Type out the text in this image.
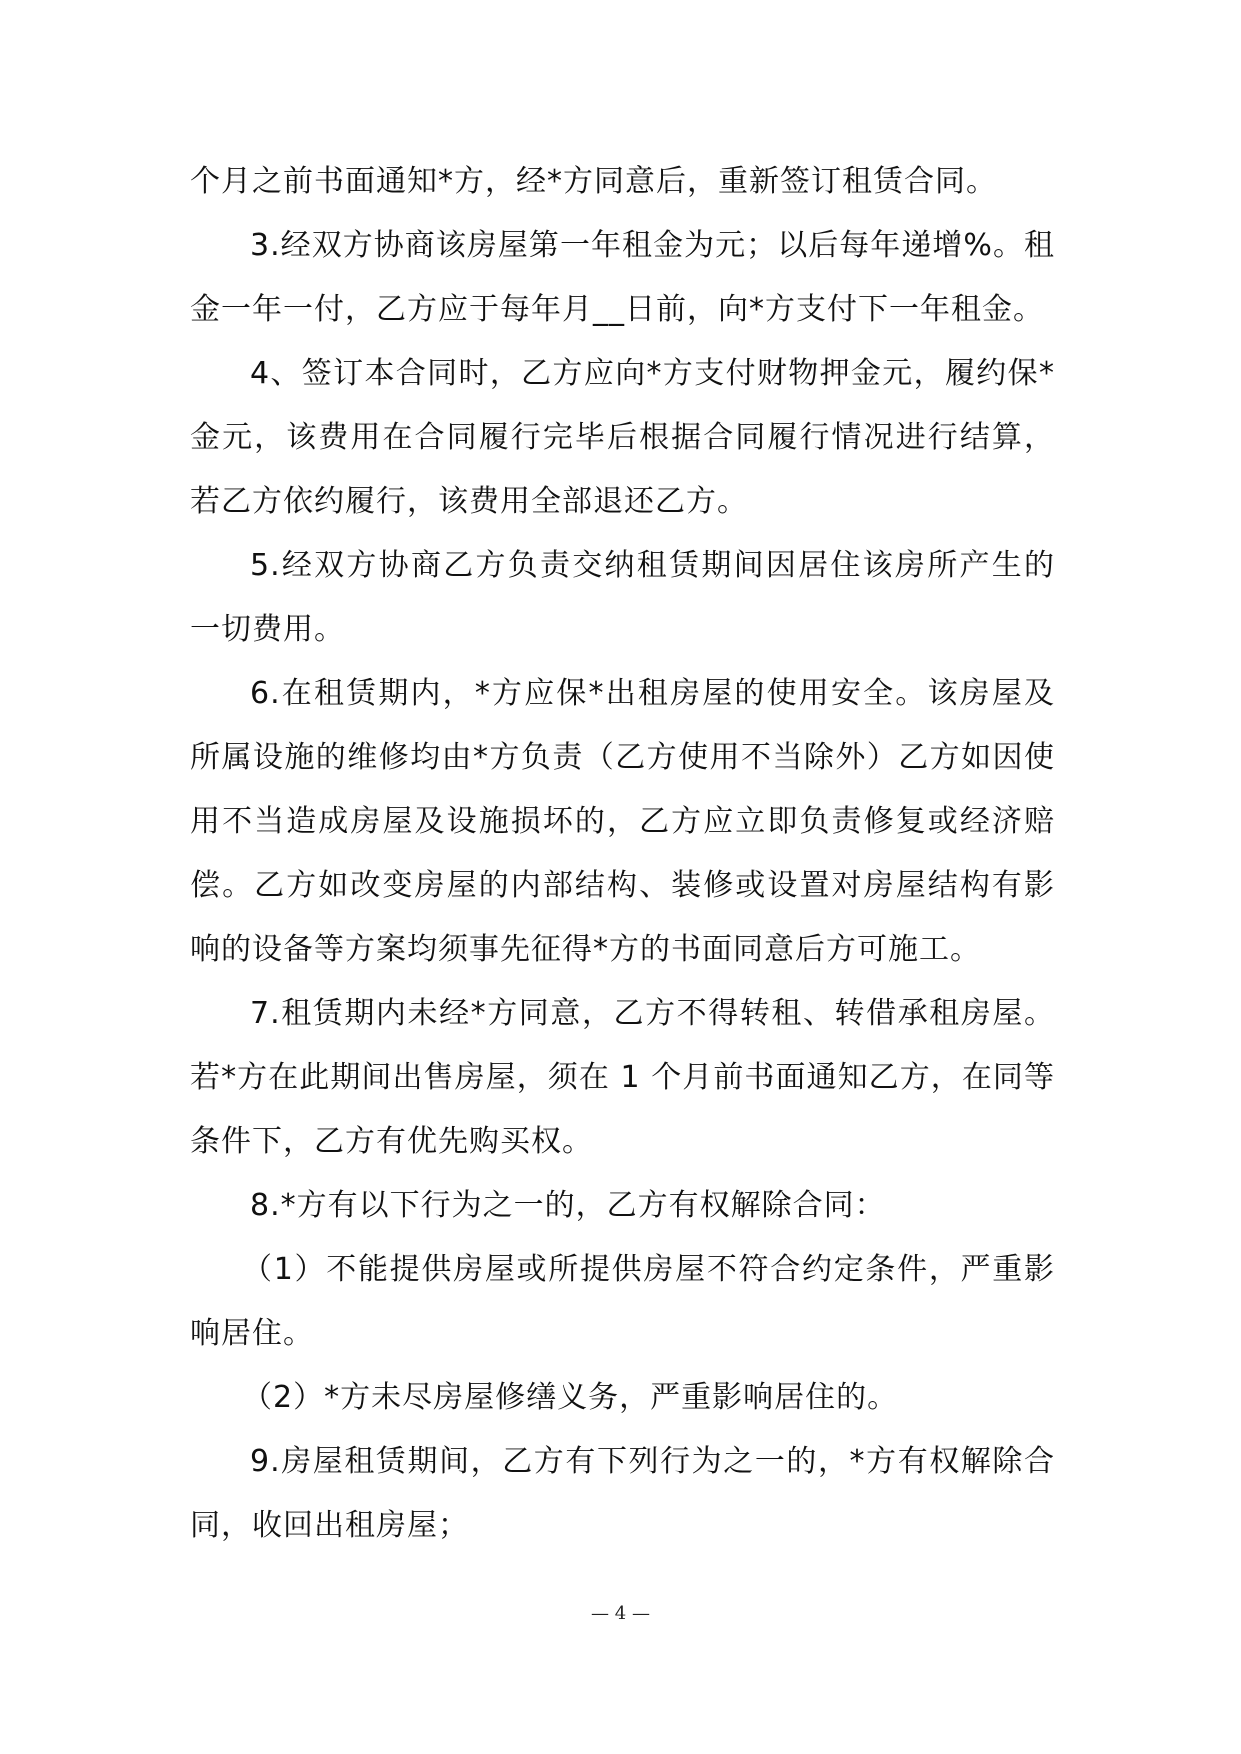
个月之前书面通知*方，经*方同意后，重新签订租赁合同。

3.经双方协商该房屋第一年租金为元；以后每年递增%。租金一年一付，乙方应于每年月__日前，向*方支付下一年租金。

4、签订本合同时，乙方应向*方支付财物押金元，履约保*金元，该费用在合同履行完毕后根据合同履行情况进行结算，若乙方依约履行，该费用全部退还乙方。

5.经双方协商乙方负责交纳租赁期间因居住该房所产生的一切费用。

6.在租赁期内，*方应保*出租房屋的使用安全。该房屋及所属设施的维修均由*方负责（乙方使用不当除外）乙方如因使用不当造成房屋及设施损坏的，乙方应立即负责修复或经济赔偿。乙方如改变房屋的内部结构、装修或设置对房屋结构有影响的设备等方案均须事先征得*方的书面同意后方可施工。

7.租赁期内未经*方同意，乙方不得转租、转借承租房屋。若*方在此期间出售房屋，须在 1 个月前书面通知乙方，在同等条件下，乙方有优先购买权。

8.*方有以下行为之一的，乙方有权解除合同：

（1）不能提供房屋或所提供房屋不符合约定条件，严重影响居住。

（2）*方未尽房屋修缮义务，严重影响居住的。

9.房屋租赁期间，乙方有下列行为之一的，*方有权解除合同，收回出租房屋；

— 4 —
